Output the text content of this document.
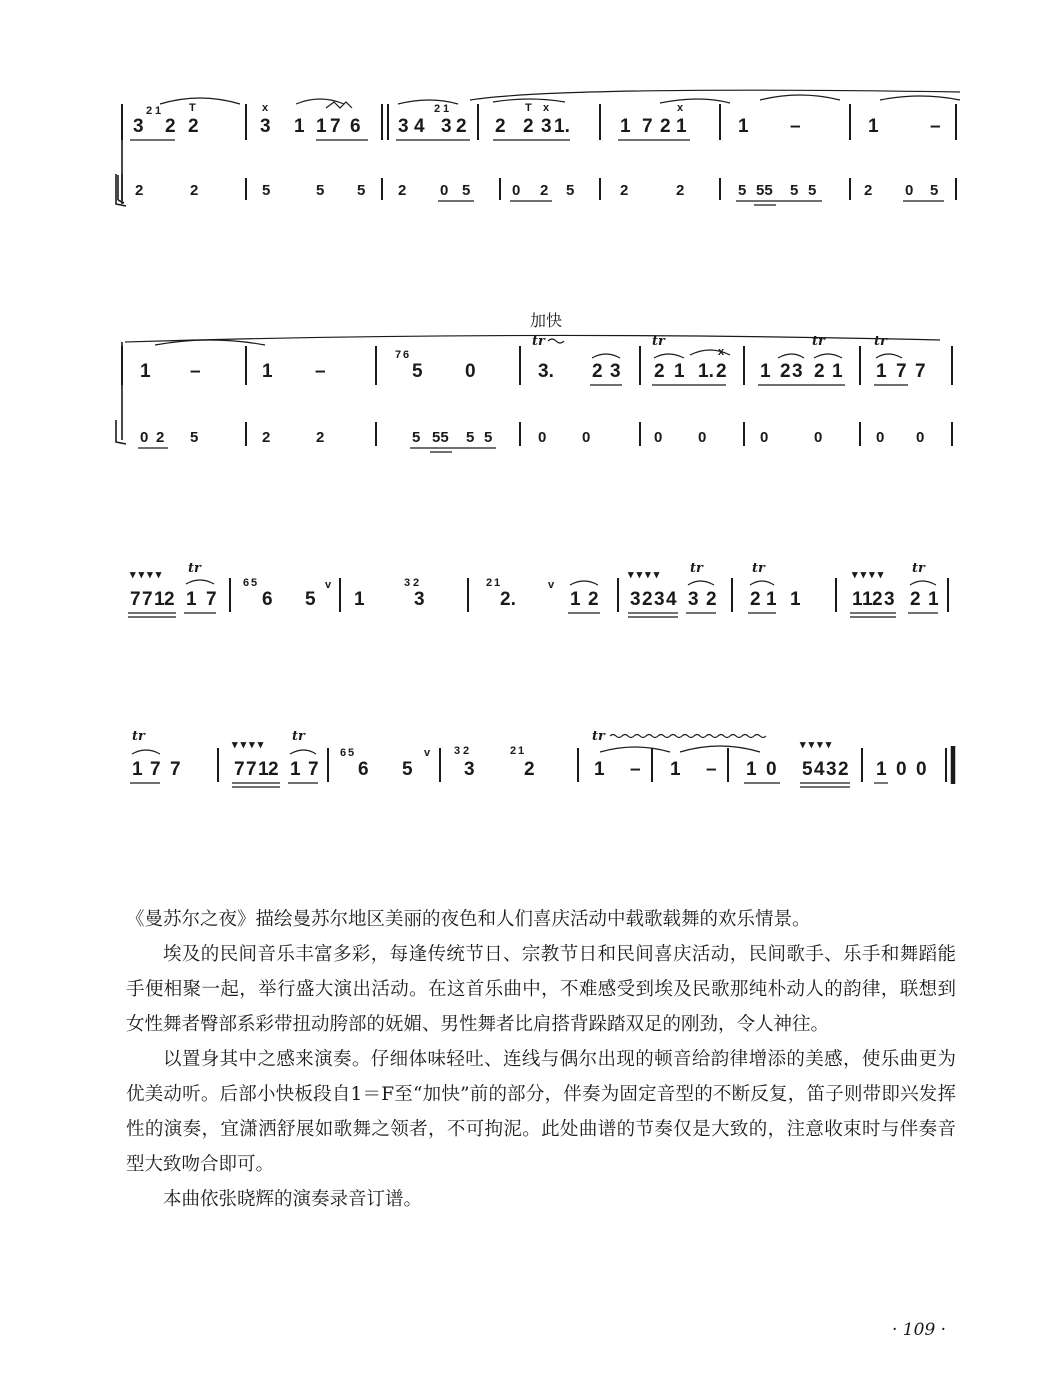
3
2 1
2 2
T	x
3 1 1 7 6 3 4
2 1
3 2 2 2
T
3 1.
x
1 7 2 1
x
1 –	1	–
2	2	5	5 5 2 0 5	0 2 5	2	2	5 55 5 5	2 0 5
加快
1 –	1 –
7 6
5 0
tr
3. 2 3
tr
2 1 1. 2
x
1 2 3
tr
2 1
tr
1 7 7
0 2 5	2	2	5 55 5 5	0 0	0 0	0	0	0 0
▾ ▾ ▾ ▾
7 7 1 2
tr
1 7
6 5
6 5
v
1
3 2
3
2 1
2.
v
1 2
▾ ▾ ▾ ▾
3 2 3 4
tr
3 2
tr
2 1 1
▾ ▾ ▾ ▾
1 1 2 3
tr
2 1
tr
1 7 7
▾ ▾ ▾ ▾
7 7 1 2
tr
1 7
6 5
6 5
v 3 2
3
2 1
2
tr
1 – 1 – 1 0
▾ ▾ ▾ ▾
5 4 3 2 1 0 0

《曼苏尔之夜》描绘曼苏尔地区美丽的夜色和人们喜庆活动中载歌载舞的欢乐情景。

埃及的民间音乐丰富多彩，每逢传统节日、宗教节日和民间喜庆活动，民间歌手、乐手和舞蹈能手便相聚一起，举行盛大演出活动。在这首乐曲中，不难感受到埃及民歌那纯朴动人的韵律，联想到女性舞者臀部系彩带扭动胯部的妩媚、男性舞者比肩搭背跺踏双足的刚劲，令人神往。

以置身其中之感来演奏。仔细体味轻吐、连线与偶尔出现的顿音给韵律增添的美感，使乐曲更为优美动听。后部小快板段自1＝F至“加快”前的部分，伴奏为固定音型的不断反复，笛子则带即兴发挥性的演奏，宜潇洒舒展如歌舞之领者，不可拘泥。此处曲谱的节奏仅是大致的，注意收束时与伴奏音型大致吻合即可。

本曲依张晓辉的演奏录音订谱。

· 109 ·
